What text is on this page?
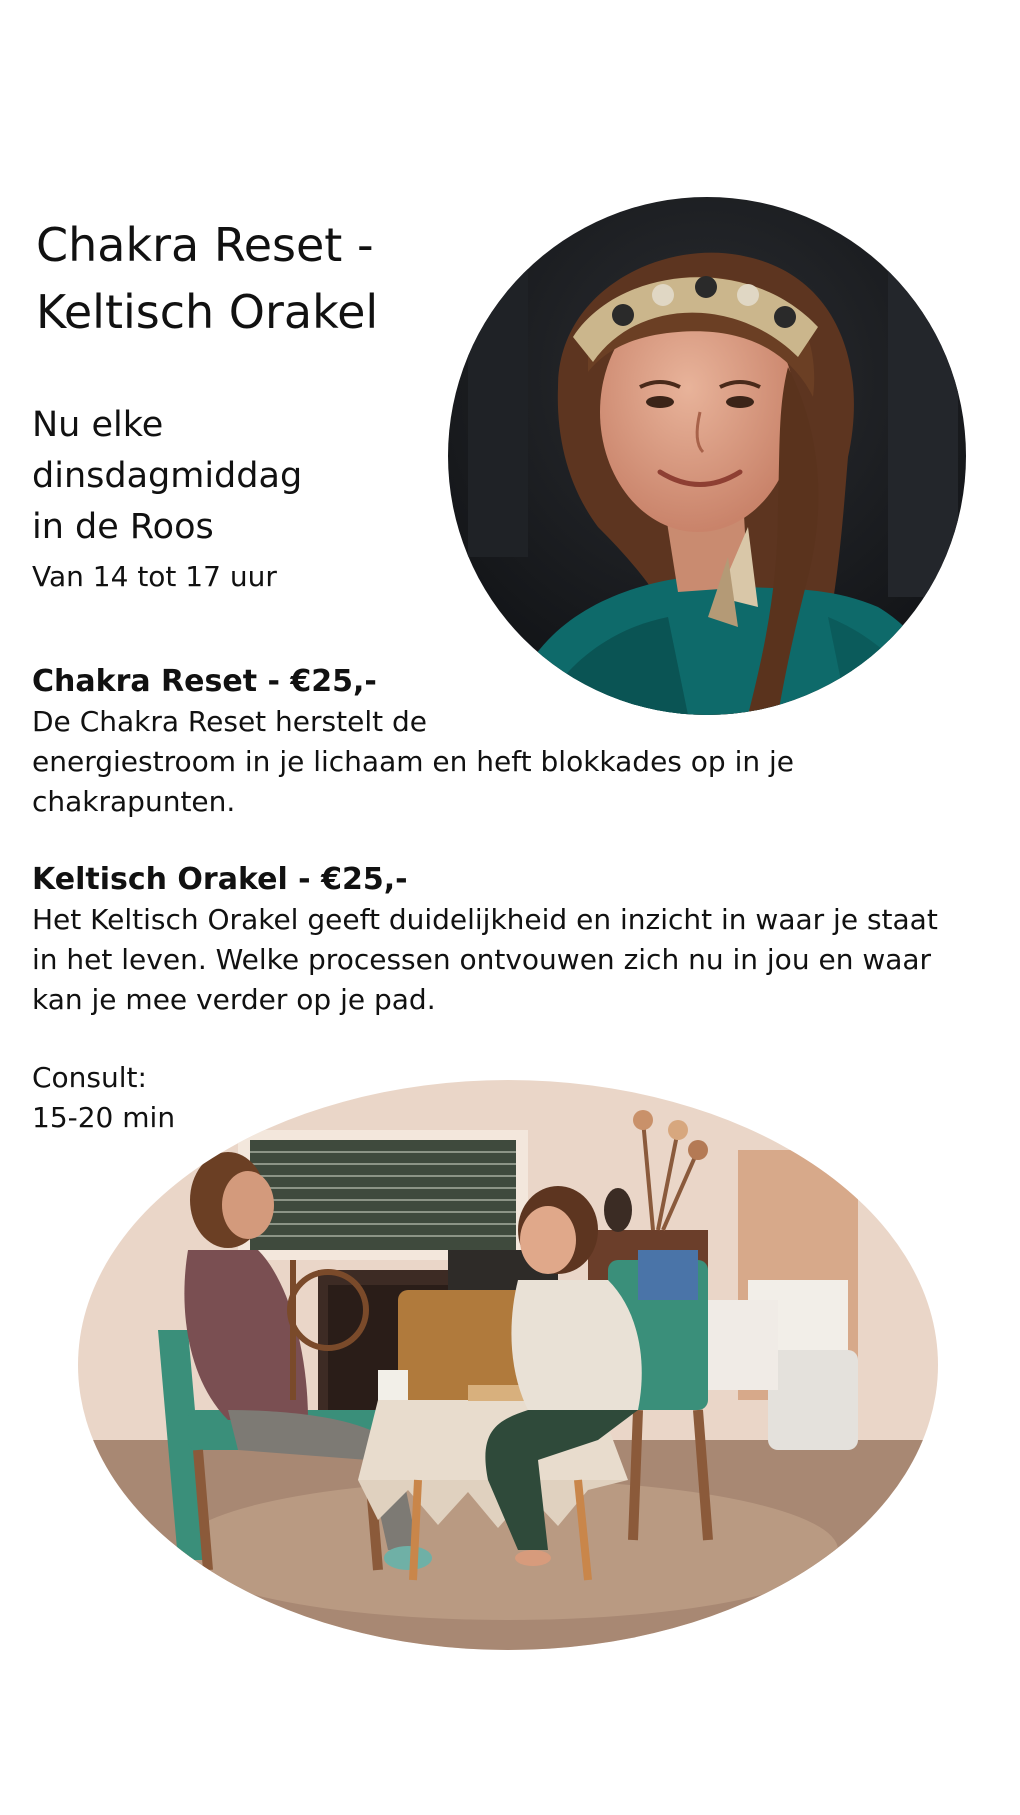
Chakra Reset -
Keltisch Orakel
Nu elke
dinsdagmiddag
in de Roos
Van 14 tot 17 uur
Chakra Reset - €25,-
De Chakra Reset herstelt de
energiestroom in je lichaam en heft blokkades op in je chakrapunten.
Keltisch Orakel - €25,-
Het Keltisch Orakel geeft duidelijkheid en inzicht in waar je staat in het leven. Welke processen ontvouwen zich nu in jou en waar kan je mee verder op je pad.
Consult:
15-20 min
